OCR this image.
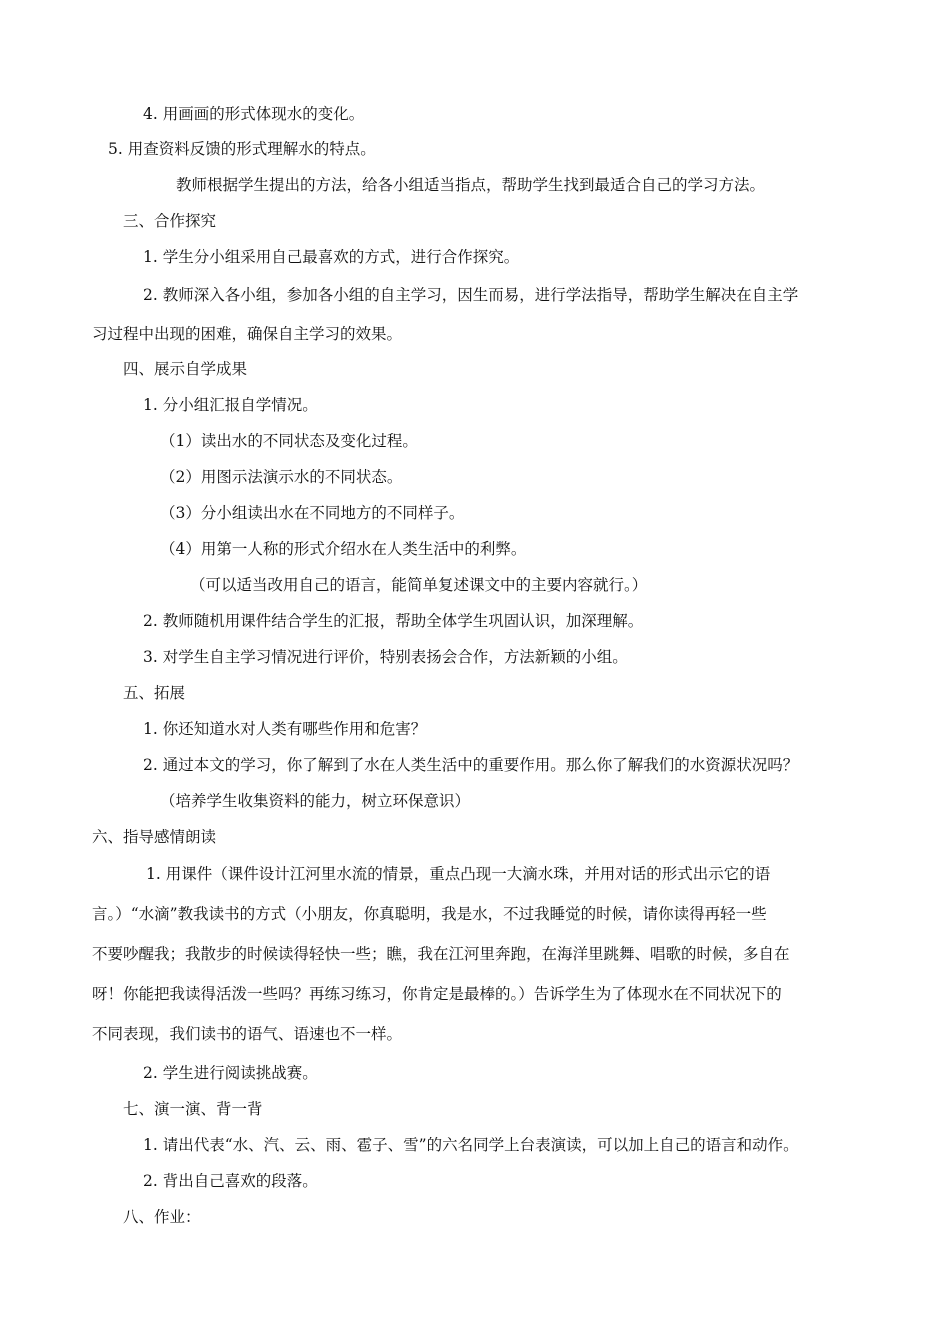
4. 用画画的形式体现水的变化。
5. 用查资料反馈的形式理解水的特点。
教师根据学生提出的方法，给各小组适当指点，帮助学生找到最适合自己的学习方法。
三、合作探究
1. 学生分小组采用自己最喜欢的方式，进行合作探究。
2. 教师深入各小组，参加各小组的自主学习，因生而易，进行学法指导，帮助学生解决在自主学
习过程中出现的困难，确保自主学习的效果。
四、展示自学成果
1. 分小组汇报自学情况。
（1）读出水的不同状态及变化过程。
（2）用图示法演示水的不同状态。
（3）分小组读出水在不同地方的不同样子。
（4）用第一人称的形式介绍水在人类生活中的利弊。
（可以适当改用自己的语言，能简单复述课文中的主要内容就行。）
2. 教师随机用课件结合学生的汇报，帮助全体学生巩固认识，加深理解。
3. 对学生自主学习情况进行评价，特别表扬会合作，方法新颖的小组。
五、拓展
1. 你还知道水对人类有哪些作用和危害？
2. 通过本文的学习，你了解到了水在人类生活中的重要作用。那么你了解我们的水资源状况吗？
（培养学生收集资料的能力，树立环保意识）
六、指导感情朗读
1. 用课件（课件设计江河里水流的情景，重点凸现一大滴水珠，并用对话的形式出示它的语
言。）“水滴”教我读书的方式（小朋友，你真聪明，我是水，不过我睡觉的时候，请你读得再轻一些
不要吵醒我；我散步的时候读得轻快一些；瞧，我在江河里奔跑，在海洋里跳舞、唱歌的时候，多自在
呀！你能把我读得活泼一些吗？再练习练习，你肯定是最棒的。）告诉学生为了体现水在不同状况下的
不同表现，我们读书的语气、语速也不一样。
2. 学生进行阅读挑战赛。
七、演一演、背一背
1. 请出代表“水、汽、云、雨、雹子、雪”的六名同学上台表演读，可以加上自己的语言和动作。
2. 背出自己喜欢的段落。
八、作业：
